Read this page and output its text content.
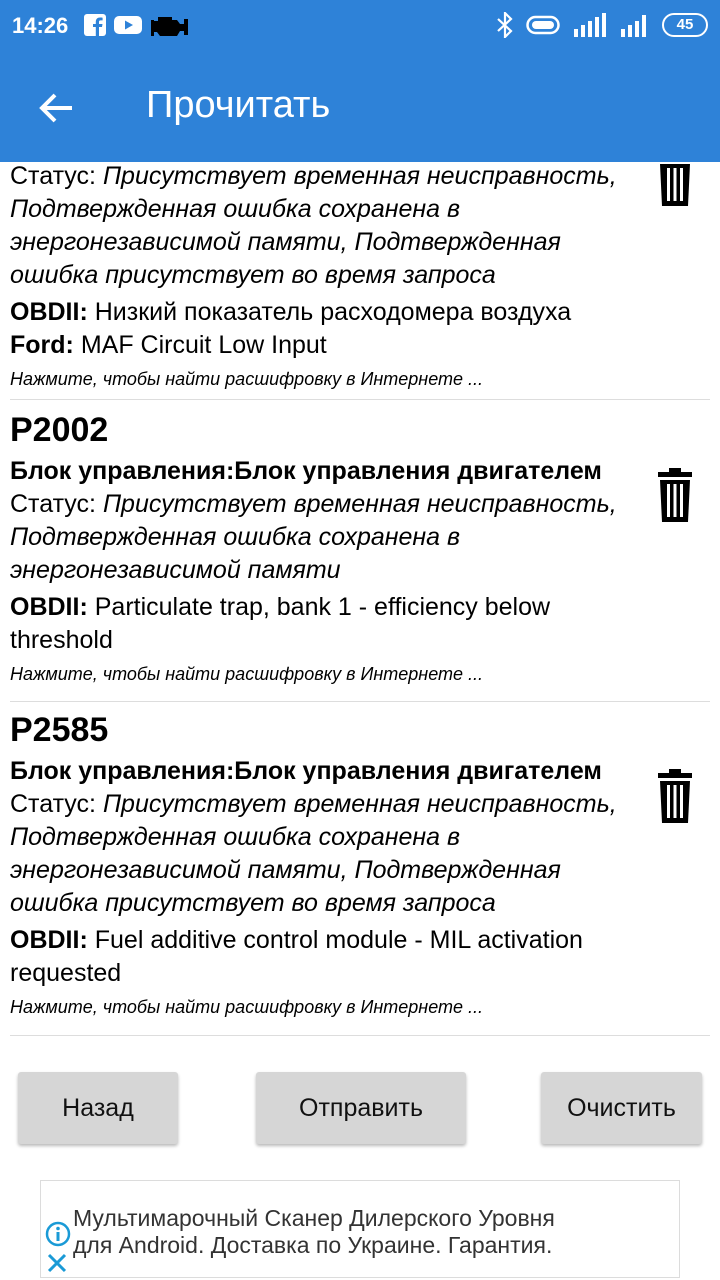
14:26	45
Прочитать
Статус: Присутствует временная неисправность,
Подтвержденная ошибка сохранена в
энергонезависимой памяти, Подтвержденная
ошибка присутствует во время запроса
OBDII: Низкий показатель расходомера воздуха
Ford: MAF Circuit Low Input
Нажмите, чтобы найти расшифровку в Интернете ...
P2002
Блок управления:Блок управления двигателем
Статус: Присутствует временная неисправность,
Подтвержденная ошибка сохранена в
энергонезависимой памяти
OBDII: Particulate trap, bank 1 - efficiency below
threshold
Нажмите, чтобы найти расшифровку в Интернете ...
P2585
Блок управления:Блок управления двигателем
Статус: Присутствует временная неисправность,
Подтвержденная ошибка сохранена в
энергонезависимой памяти, Подтвержденная
ошибка присутствует во время запроса
OBDII: Fuel additive control module - MIL activation
requested
Нажмите, чтобы найти расшифровку в Интернете ...
Назад	Отправить	Очистить
Мультимарочный Сканер Дилерского Уровня
для Android. Доставка по Украине. Гарантия.
